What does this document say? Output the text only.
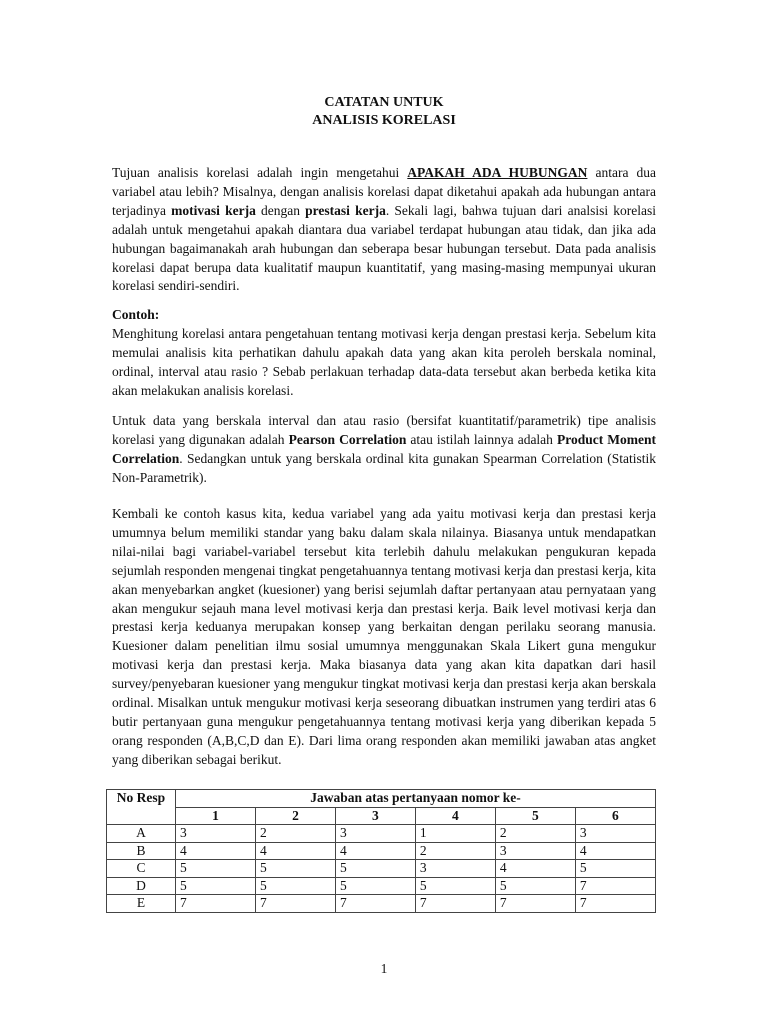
CATATAN UNTUK
ANALISIS KORELASI

Tujuan analisis korelasi adalah ingin mengetahui APAKAH ADA HUBUNGAN antara dua variabel atau lebih? Misalnya, dengan analisis korelasi dapat diketahui apakah ada hubungan antara terjadinya motivasi kerja dengan prestasi kerja. Sekali lagi, bahwa tujuan dari analsisi korelasi adalah untuk mengetahui apakah diantara dua variabel terdapat hubungan atau tidak, dan jika ada hubungan bagaimanakah arah hubungan dan seberapa besar hubungan tersebut. Data pada analisis korelasi dapat berupa data kualitatif maupun kuantitatif, yang masing-masing mempunyai ukuran korelasi sendiri-sendiri.

Contoh:

Menghitung korelasi antara pengetahuan tentang motivasi kerja dengan prestasi kerja. Sebelum kita memulai analisis kita perhatikan dahulu apakah data yang akan kita peroleh berskala nominal, ordinal, interval atau rasio ? Sebab perlakuan terhadap data-data tersebut akan berbeda ketika kita akan melakukan analisis korelasi.

Untuk data yang berskala interval dan atau rasio (bersifat kuantitatif/parametrik) tipe analisis korelasi yang digunakan adalah Pearson Correlation atau istilah lainnya adalah Product Moment Correlation. Sedangkan untuk yang berskala ordinal kita gunakan Spearman Correlation (Statistik Non-Parametrik).

Kembali ke contoh kasus kita, kedua variabel yang ada yaitu motivasi kerja dan prestasi kerja umumnya belum memiliki standar yang baku dalam skala nilainya. Biasanya untuk mendapatkan nilai-nilai bagi variabel-variabel tersebut kita terlebih dahulu melakukan pengukuran kepada sejumlah responden mengenai tingkat pengetahuannya tentang motivasi kerja dan prestasi kerja, kita akan menyebarkan angket (kuesioner) yang berisi sejumlah daftar pertanyaan atau pernyataan yang akan mengukur sejauh mana level motivasi kerja dan prestasi kerja. Baik level motivasi kerja dan prestasi kerja keduanya merupakan konsep yang berkaitan dengan perilaku seorang manusia. Kuesioner dalam penelitian ilmu sosial umumnya menggunakan Skala Likert guna mengukur motivasi kerja dan prestasi kerja. Maka biasanya data yang akan kita dapatkan dari hasil survey/penyebaran kuesioner yang mengukur tingkat motivasi kerja dan prestasi kerja akan berskala ordinal. Misalkan untuk mengukur motivasi kerja seseorang dibuatkan instrumen yang terdiri atas 6 butir pertanyaan guna mengukur pengetahuannya tentang motivasi kerja yang diberikan kepada 5 orang responden (A,B,C,D dan E). Dari lima orang responden akan memiliki jawaban atas angket yang diberikan sebagai berikut.

No Resp	Jawaban atas pertanyaan nomor ke-					
	1	2	3	4	5	6
A	3	2	3	1	2	3
B	4	4	4	2	3	4
C	5	5	5	3	4	5
D	5	5	5	5	5	7
E	7	7	7	7	7	7
1
